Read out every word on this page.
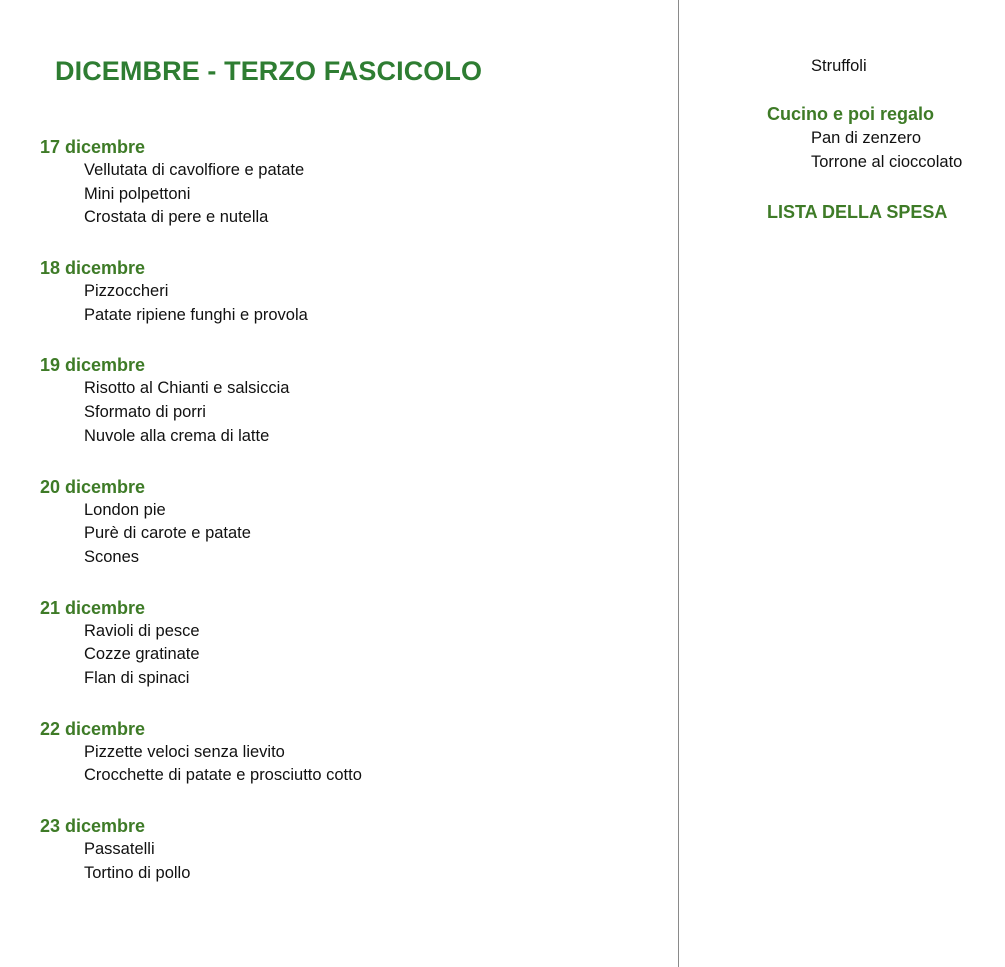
DICEMBRE - TERZO FASCICOLO
17 dicembre
Vellutata di cavolfiore e patate
Mini polpettoni
Crostata di pere e nutella
18 dicembre
Pizzoccheri
Patate ripiene funghi e provola
19 dicembre
Risotto al Chianti e salsiccia
Sformato di porri
Nuvole alla crema di latte
20 dicembre
London pie
Purè di carote e patate
Scones
21 dicembre
Ravioli di pesce
Cozze gratinate
Flan di spinaci
22 dicembre
Pizzette veloci senza lievito
Crocchette di patate e prosciutto cotto
23 dicembre
Passatelli
Tortino di pollo
Struffoli
Cucino e poi regalo
Pan di zenzero
Torrone al cioccolato
LISTA DELLA SPESA
